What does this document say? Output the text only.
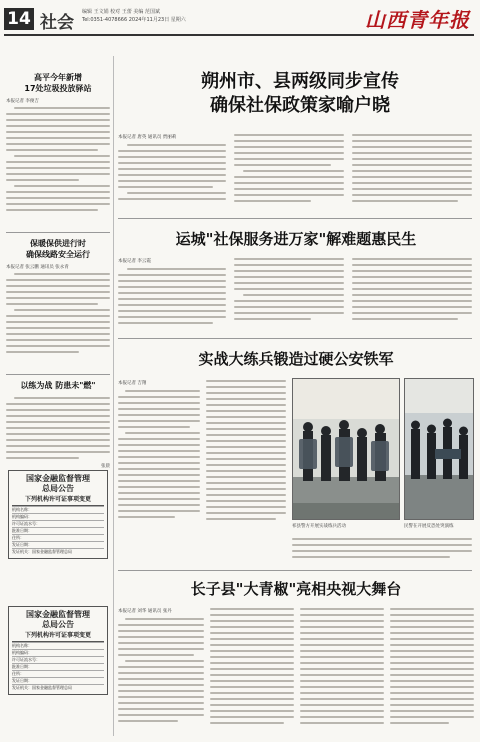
14 社会
编辑 王文娟 校对 王蕾 美编 范国斌
Tel:0351-4078666 2024年11月23日 星期六	山西青年报
高平今年新增
17处垃圾投放驿站
本报记者 李俊吉
保暖保供进行时
确保线路安全运行
本报记者 张云鹏 通讯员 张永青
以练为战 防患未"燃"
张晨
国家金融监督管理
总局公告
下列机构许可证事项变更
机构名称：
机构编码：
许可证流水号：
批准日期：
住所：
发证日期：
发证机关：国家金融监督管理总局
国家金融监督管理
总局公告
下列机构许可证事项变更
机构名称：
机构编码：
许可证流水号：
批准日期：
住所：
发证日期：
发证机关：国家金融监督管理总局
朔州市、县两级同步宣传
确保社保政策家喻户晓
本报记者 唐英 通讯员 贾丽莉
运城"社保服务进万家"解难题惠民生
本报记者 李云霞
实战大练兵锻造过硬公安铁军
本报记者 吉翔
祁县警方开展实战练兵活动	民警在开展反恐处突演练
长子县"大青椒"亮相央视大舞台
本报记者 刘华 通讯员 张丹
